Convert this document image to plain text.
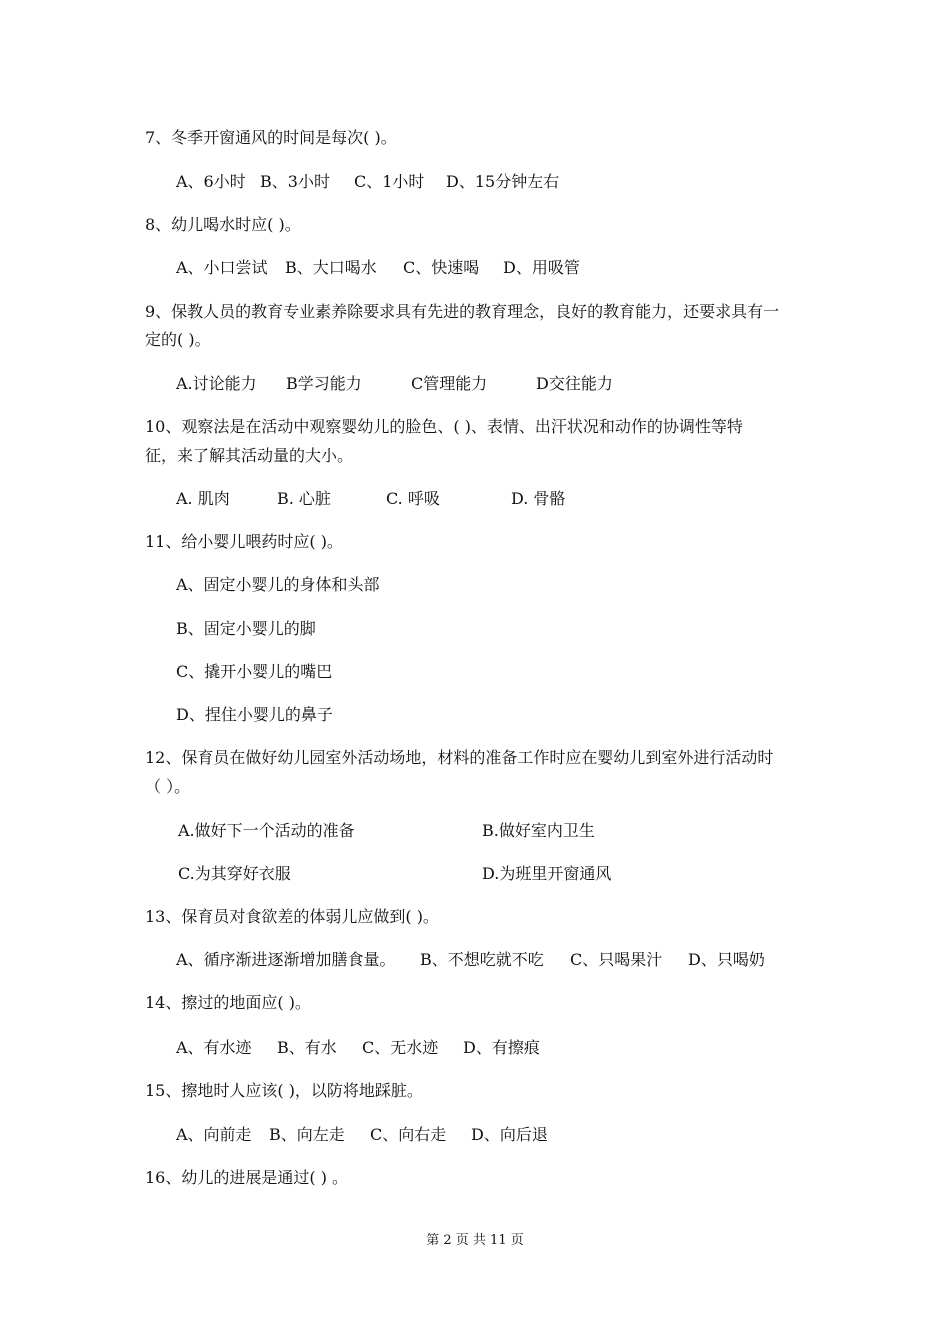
7、冬季开窗通风的时间是每次( )。
A、6小时 B、3小时	C、1小时	D、15分钟左右
8、幼儿喝水时应( )。
A、小口尝试	B、大口喝水	C、快速喝	D、用吸管
9、保教人员的教育专业素养除要求具有先进的教育理念，良好的教育能力，还要求具有一
定的( )。
A.讨论能力	B学习能力	C管理能力	D交往能力
10、观察法是在活动中观察婴幼儿的脸色、( )、表情、出汗状况和动作的协调性等特
征，来了解其活动量的大小。
A. 肌肉	B. 心脏	C. 呼吸	D. 骨骼
11、给小婴儿喂药时应( )。
A、固定小婴儿的身体和头部
B、固定小婴儿的脚
C、撬开小婴儿的嘴巴
D、捏住小婴儿的鼻子
12、保育员在做好幼儿园室外活动场地，材料的准备工作时应在婴幼儿到室外进行活动时
（ ）。
A.做好下一个活动的准备	B.做好室内卫生
C.为其穿好衣服	D.为班里开窗通风
13、保育员对食欲差的体弱儿应做到( )。
A、循序渐进逐渐增加膳食量。	B、不想吃就不吃	C、只喝果汁	D、只喝奶
14、擦过的地面应( )。
A、有水迹	B、有水	C、无水迹	D、有擦痕
15、擦地时人应该( )，以防将地踩脏。
A、向前走	B、向左走	C、向右走	D、向后退
16、幼儿的进展是通过( ) 。
第 2 页 共 11 页
